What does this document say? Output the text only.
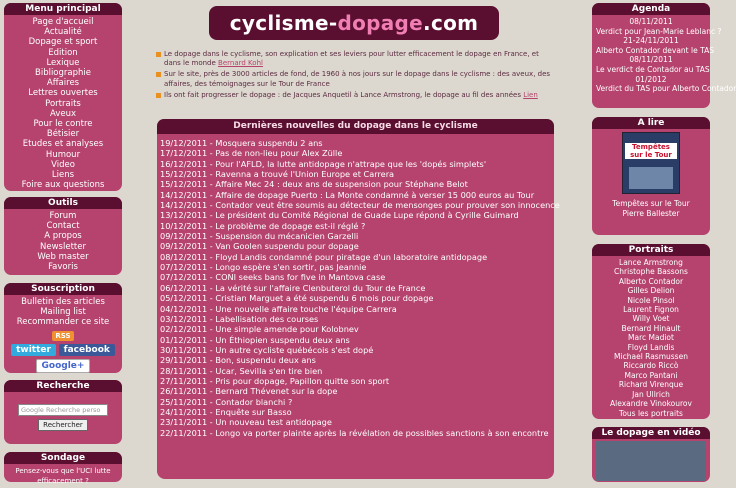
Menu principal
Page d'accueil
Actualité
Dopage et sport
Edition
Lexique
Bibliographie
Affaires
Lettres ouvertes
Portraits
Aveux
Pour le contre
Bétisier
Etudes et analyses
Humour
Video
Liens
Foire aux questions
Outils
Forum
Contact
A propos
Newsletter
Web master
Favoris
Souscription
Bulletin des articles
Mailing list
Recommander ce site
RSS
twitter facebook
Google+
Recherche
Google Recherche perso
Rechercher
Sondage
Pensez-vous que l'UCI lutte efficacement ?
cyclisme-dopage.com
Le dopage dans le cyclisme, son explication et ses leviers pour lutter efficacement le dopage en France, et dans le monde Bernard Kohl
Sur le site, près de 3000 articles de fond, de 1960 à nos jours sur le dopage dans le cyclisme : des aveux, des affaires, des témoignages sur le Tour de France
Ils ont fait progresser le dopage : de Jacques Anquetil à Lance Armstrong, le dopage au fil des années Lien
Dernières nouvelles du dopage dans le cyclisme
19/12/2011 - Mosquera suspendu 2 ans
17/12/2011 - Pas de non-lieu pour Alex Zülle
16/12/2011 - Pour l'AFLD, la lutte antidopage n'attrape que les 'dopés simplets'
15/12/2011 - Ravenna a trouvé l'Union Europe et Carrera
15/12/2011 - Affaire Mec 24 : deux ans de suspension pour Stéphane Belot
14/12/2011 - Affaire de dopage Puerto : La Monte condamné à verser 15 000 euros au Tour
14/12/2011 - Contador veut être soumis au détecteur de mensonges pour prouver son innocence
13/12/2011 - Le président du Comité Régional de Guade Lupe répond à Cyrille Guimard
10/12/2011 - Le problème de dopage est-il réglé ?
09/12/2011 - Suspension du mécanicien Garzelli
09/12/2011 - Van Goolen suspendu pour dopage
08/12/2011 - Floyd Landis condamné pour piratage d'un laboratoire antidopage
07/12/2011 - Longo espère s'en sortir, pas Jeannie
07/12/2011 - CONI seeks bans for five in Mantova case
06/12/2011 - La vérité sur l'affaire Clenbuterol du Tour de France
05/12/2011 - Cristian Marguet a été suspendu 6 mois pour dopage
04/12/2011 - Une nouvelle affaire touche l'équipe Carrera
03/12/2011 - Labellisation des courses
02/12/2011 - Une simple amende pour Kolobnev
01/12/2011 - Un Éthiopien suspendu deux ans
30/11/2011 - Un autre cycliste québécois s'est dopé
29/11/2011 - Bon, suspendu deux ans
28/11/2011 - Ucar, Sevilla s'en tire bien
27/11/2011 - Pris pour dopage, Papillon quitte son sport
26/11/2011 - Bernard Thévenet sur la dope
25/11/2011 - Contador blanchi ?
24/11/2011 - Enquête sur Basso
23/11/2011 - Un nouveau test antidopage
22/11/2011 - Longo va porter plainte après la révélation de possibles sanctions à son encontre
Agenda
08/11/2011
Verdict pour Jean-Marie Leblanc ?
21-24/11/2011
Alberto Contador devant le TAS
08/11/2011
Le verdict de Contador au TAS
01/2012
Verdict du TAS pour Alberto Contador
A lire
Tempêtes sur le Tour
Tempêtes sur le Tour
Pierre Ballester
Portraits
Lance Armstrong
Christophe Bassons
Alberto Contador
Gilles Delion
Nicole Pinsol
Laurent Fignon
Willy Voet
Bernard Hinault
Marc Madiot
Floyd Landis
Michael Rasmussen
Riccardo Riccò
Marco Pantani
Richard Virenque
Jan Ullrich
Alexandre Vinokourov
Tous les portraits
Le dopage en vidéo
